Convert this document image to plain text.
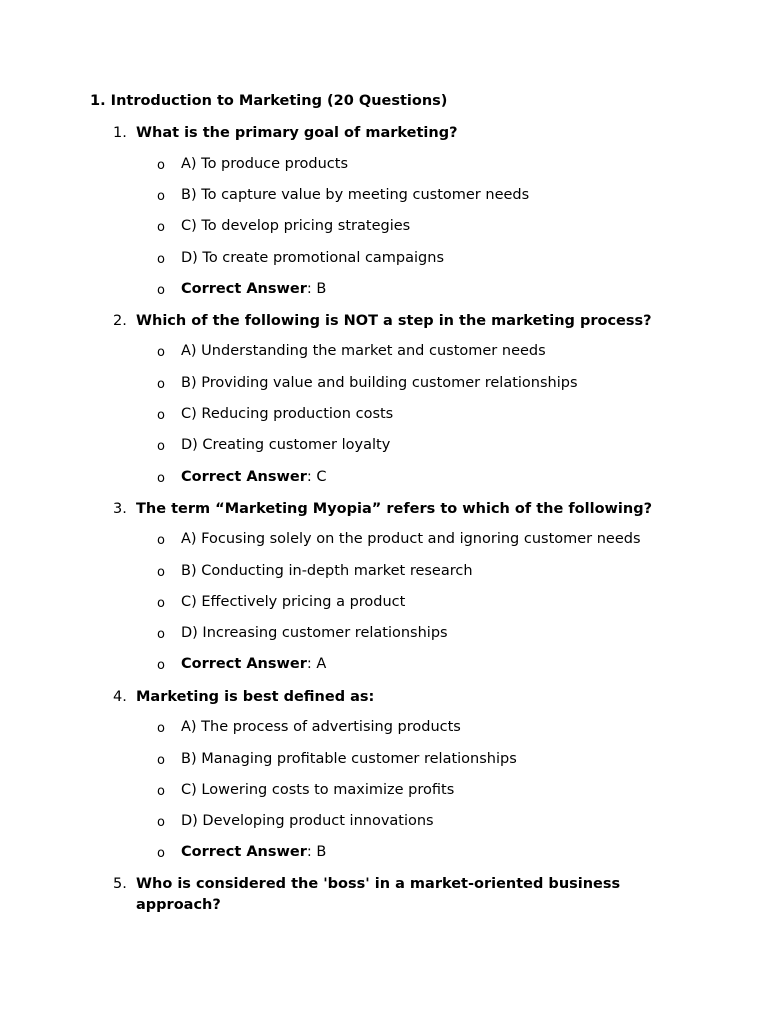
1. Introduction to Marketing (20 Questions)

1. What is the primary goal of marketing?
o A) To produce products
o B) To capture value by meeting customer needs
o C) To develop pricing strategies
o D) To create promotional campaigns
o Correct Answer: B
2. Which of the following is NOT a step in the marketing process?
o A) Understanding the market and customer needs
o B) Providing value and building customer relationships
o C) Reducing production costs
o D) Creating customer loyalty
o Correct Answer: C
3. The term “Marketing Myopia” refers to which of the following?
o A) Focusing solely on the product and ignoring customer needs
o B) Conducting in-depth market research
o C) Effectively pricing a product
o D) Increasing customer relationships
o Correct Answer: A
4. Marketing is best defined as:
o A) The process of advertising products
o B) Managing profitable customer relationships
o C) Lowering costs to maximize profits
o D) Developing product innovations
o Correct Answer: B
5. Who is considered the 'boss' in a market-oriented business approach?
